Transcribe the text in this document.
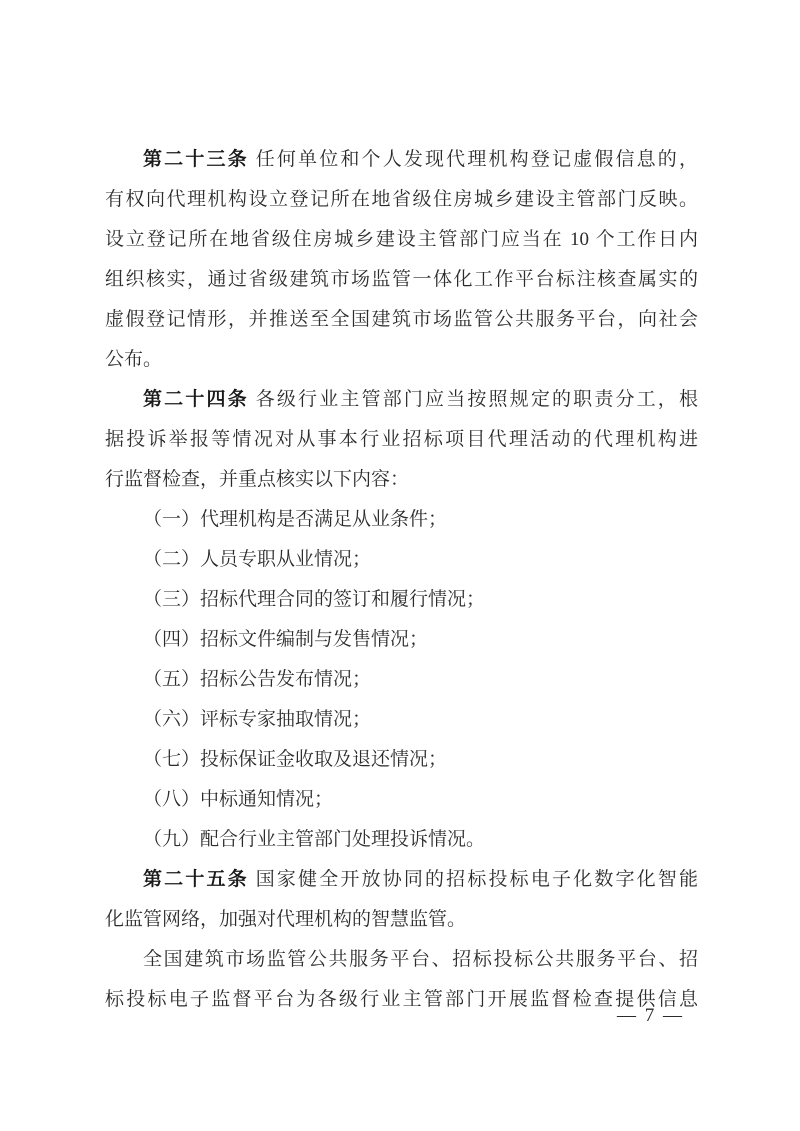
第二十三条 任何单位和个人发现代理机构登记虚假信息的，
有权向代理机构设立登记所在地省级住房城乡建设主管部门反映。
设立登记所在地省级住房城乡建设主管部门应当在 10 个工作日内
组织核实，通过省级建筑市场监管一体化工作平台标注核查属实的
虚假登记情形，并推送至全国建筑市场监管公共服务平台，向社会
公布。
第二十四条 各级行业主管部门应当按照规定的职责分工，根
据投诉举报等情况对从事本行业招标项目代理活动的代理机构进
行监督检查，并重点核实以下内容：
（一）代理机构是否满足从业条件；
（二）人员专职从业情况；
（三）招标代理合同的签订和履行情况；
（四）招标文件编制与发售情况；
（五）招标公告发布情况；
（六）评标专家抽取情况；
（七）投标保证金收取及退还情况；
（八）中标通知情况；
（九）配合行业主管部门处理投诉情况。
第二十五条 国家健全开放协同的招标投标电子化数字化智能
化监管网络，加强对代理机构的智慧监管。
全国建筑市场监管公共服务平台、招标投标公共服务平台、招
标投标电子监督平台为各级行业主管部门开展监督检查提供信息
— 7 —
